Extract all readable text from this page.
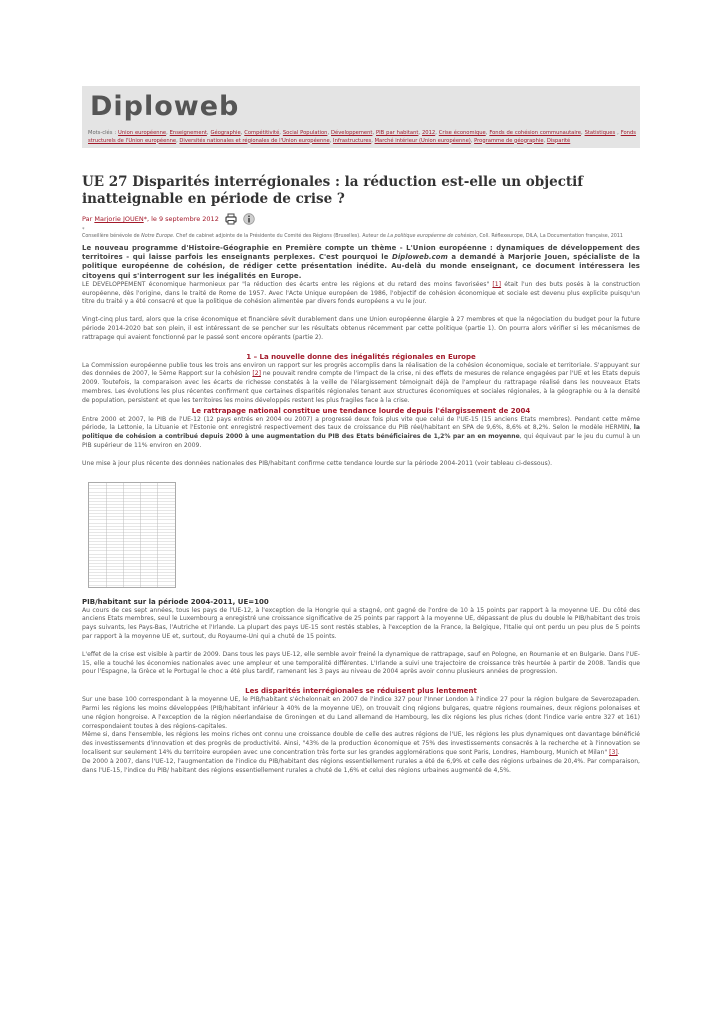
Diploweb
Mots-clés : Union européenne, Enseignement, Géographie, Compétitivité, Social Population, Développement, PIB par habitant, 2012, Crise économique, Fonds de cohésion communautaire, Statistiques , Fonds structurels de l'Union européenne, Diversités nationales et régionales de l'Union européenne, Infrastructures, Marché intérieur (Union européenne), Programme de géographie, Disparité
UE 27 Disparités interrégionales : la réduction est-elle un objectif inatteignable en période de crise ?
Par Marjorie JOUEN*, le 9 septembre 2012
*

Conseillère bénévole de Notre Europe. Chef de cabinet adjointe de la Présidente du Comité des Régions (Bruxelles). Auteur de La politique européenne de cohésion, Coll. Réflexeurope, DILA, La Documentation française, 2011

Le nouveau programme d'Histoire-Géographie en Première compte un thème - L'Union européenne : dynamiques de développement des territoires - qui laisse parfois les enseignants perplexes. C'est pourquoi le Diploweb.com a demandé à Marjorie Jouen, spécialiste de la politique européenne de cohésion, de rédiger cette présentation inédite. Au-delà du monde enseignant, ce document intéressera les citoyens qui s'interrogent sur les inégalités en Europe.

LE DEVELOPPEMENT économique harmonieux par "la réduction des écarts entre les régions et du retard des moins favorisées" [1] était l'un des buts posés à la construction européenne, dès l'origine, dans le traité de Rome de 1957. Avec l'Acte Unique européen de 1986, l'objectif de cohésion économique et sociale est devenu plus explicite puisqu'un titre du traité y a été consacré et que la politique de cohésion alimentée par divers fonds européens a vu le jour.

Vingt-cinq plus tard, alors que la crise économique et financière sévit durablement dans une Union européenne élargie à 27 membres et que la négociation du budget pour la future période 2014-2020 bat son plein, il est intéressant de se pencher sur les résultats obtenus récemment par cette politique (partie 1). On pourra alors vérifier si les mécanismes de rattrapage qui avaient fonctionné par le passé sont encore opérants (partie 2).

1 – La nouvelle donne des inégalités régionales en Europe

La Commission européenne publie tous les trois ans environ un rapport sur les progrès accomplis dans la réalisation de la cohésion économique, sociale et territoriale. S'appuyant sur des données de 2007, le 5ème Rapport sur la cohésion [2] ne pouvait rendre compte de l'impact de la crise, ni des effets de mesures de relance engagées par l'UE et les Etats depuis 2009. Toutefois, la comparaison avec les écarts de richesse constatés à la veille de l'élargissement témoignait déjà de l'ampleur du rattrapage réalisé dans les nouveaux Etats membres. Les évolutions les plus récentes confirment que certaines disparités régionales tenant aux structures économiques et sociales régionales, à la géographie ou à la densité de population, persistent et que les territoires les moins développés restent les plus fragiles face à la crise.

Le rattrapage national constitue une tendance lourde depuis l'élargissement de 2004

Entre 2000 et 2007, le PIB de l'UE-12 (12 pays entrés en 2004 ou 2007) a progressé deux fois plus vite que celui de l'UE-15 (15 anciens Etats membres). Pendant cette même période, la Lettonie, la Lituanie et l'Estonie ont enregistré respectivement des taux de croissance du PIB réel/habitant en SPA de 9,6%, 8,6% et 8,2%. Selon le modèle HERMIN, la politique de cohésion a contribué depuis 2000 à une augmentation du PIB des Etats bénéficiaires de 1,2% par an en moyenne, qui équivaut par le jeu du cumul à un PIB supérieur de 11% environ en 2009.

Une mise à jour plus récente des données nationales des PIB/habitant confirme cette tendance lourde sur la période 2004-2011 (voir tableau ci-dessous).

PIB/habitant sur la période 2004-2011, UE=100

Au cours de ces sept années, tous les pays de l'UE-12, à l'exception de la Hongrie qui a stagné, ont gagné de l'ordre de 10 à 15 points par rapport à la moyenne UE. Du côté des anciens Etats membres, seul le Luxembourg a enregistré une croissance significative de 25 points par rapport à la moyenne UE, dépassant de plus du double le PIB/habitant des trois pays suivants, les Pays-Bas, l'Autriche et l'Irlande. La plupart des pays UE-15 sont restés stables, à l'exception de la France, la Belgique, l'Italie qui ont perdu un peu plus de 5 points par rapport à la moyenne UE et, surtout, du Royaume-Uni qui a chuté de 15 points.

L'effet de la crise est visible à partir de 2009. Dans tous les pays UE-12, elle semble avoir freiné la dynamique de rattrapage, sauf en Pologne, en Roumanie et en Bulgarie. Dans l'UE-15, elle a touché les économies nationales avec une ampleur et une temporalité différentes. L'Irlande a suivi une trajectoire de croissance très heurtée à partir de 2008. Tandis que pour l'Espagne, la Grèce et le Portugal le choc a été plus tardif, ramenant les 3 pays au niveau de 2004 après avoir connu plusieurs années de progression.

Les disparités interrégionales se réduisent plus lentement

Sur une base 100 correspondant à la moyenne UE, le PIB/habitant s'échelonnait en 2007 de l'indice 327 pour l'Inner London à l'indice 27 pour la région bulgare de Severozapaden. Parmi les régions les moins développées (PIB/habitant inférieur à 40% de la moyenne UE), on trouvait cinq régions bulgares, quatre régions roumaines, deux régions polonaises et une région hongroise. A l'exception de la région néerlandaise de Groningen et du Land allemand de Hambourg, les dix régions les plus riches (dont l'indice varie entre 327 et 161) correspondaient toutes à des régions-capitales.

Même si, dans l'ensemble, les régions les moins riches ont connu une croissance double de celle des autres régions de l'UE, les régions les plus dynamiques ont davantage bénéficié des investissements d'innovation et des progrès de productivité. Ainsi, "43% de la production économique et 75% des investissements consacrés à la recherche et à l'innovation se localisent sur seulement 14% du territoire européen avec une concentration très forte sur les grandes agglomérations que sont Paris, Londres, Hambourg, Munich et Milan" [3].

De 2000 à 2007, dans l'UE-12, l'augmentation de l'indice du PIB/habitant des régions essentiellement rurales a été de 6,9% et celle des régions urbaines de 20,4%. Par comparaison, dans l'UE-15, l'indice du PIB/ habitant des régions essentiellement rurales a chuté de 1,6% et celui des régions urbaines augmenté de 4,5%.
